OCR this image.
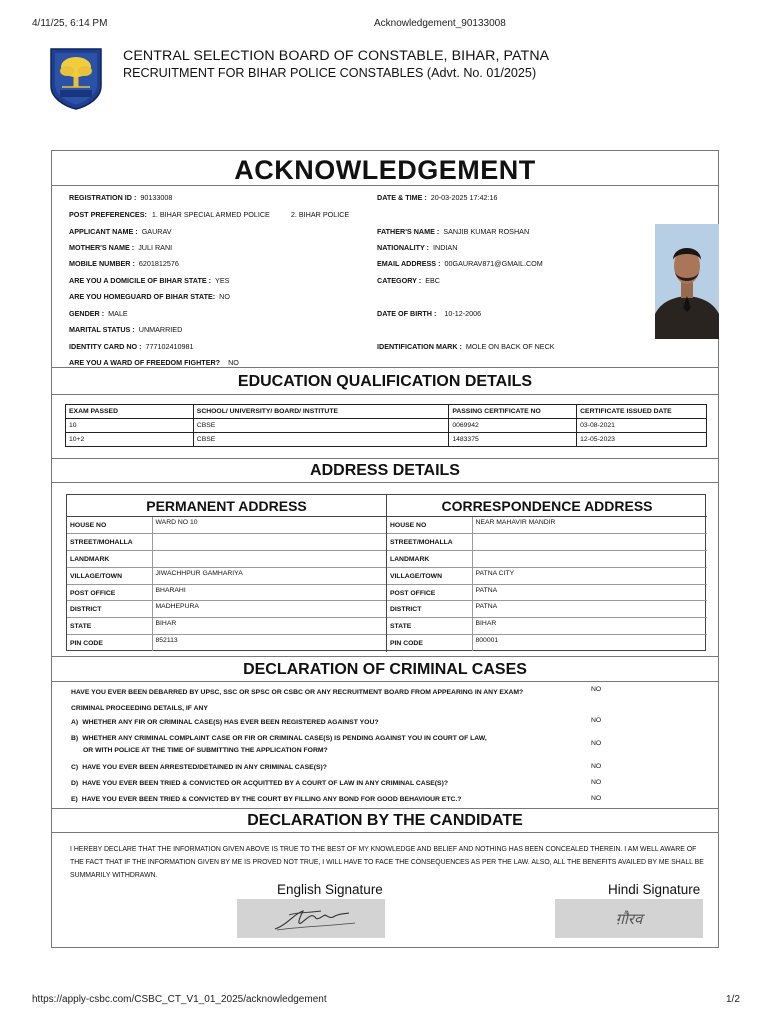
4/11/25, 6:14 PM	Acknowledgement_90133008
CENTRAL SELECTION BOARD OF CONSTABLE, BIHAR, PATNA
RECRUITMENT FOR BIHAR POLICE CONSTABLES (Advt. No. 01/2025)
ACKNOWLEDGEMENT
REGISTRATION ID : 90133008	DATE & TIME : 20-03-2025 17:42:16
POST PREFERENCES: 1. BIHAR SPECIAL ARMED POLICE	2. BIHAR POLICE
APPLICANT NAME : GAURAV	FATHER'S NAME : SANJIB KUMAR ROSHAN
MOTHER'S NAME : JULI RANI	NATIONALITY : INDIAN
MOBILE NUMBER : 6201812576	EMAIL ADDRESS : 00GAURAV871@GMAIL.COM
ARE YOU A DOMICILE OF BIHAR STATE : YES	CATEGORY : EBC
ARE YOU HOMEGUARD OF BIHAR STATE: NO
GENDER : MALE	DATE OF BIRTH : 10-12-2006
MARITAL STATUS : UNMARRIED
IDENTITY CARD NO : 777102410981	IDENTIFICATION MARK : MOLE ON BACK OF NECK
ARE YOU A WARD OF FREEDOM FIGHTER? NO
EDUCATION QUALIFICATION DETAILS
EXAM PASSED	SCHOOL/ UNIVERSITY/ BOARD/ INSTITUTE	PASSING CERTIFICATE NO	CERTIFICATE ISSUED DATE
10	CBSE	0069942	03-08-2021
10+2	CBSE	1483375	12-05-2023
ADDRESS DETAILS
PERMANENT ADDRESS
HOUSE NO	WARD NO 10
STREET/MOHALLA	
LANDMARK	
VILLAGE/TOWN	JIWACHHPUR GAMHARIYA
POST OFFICE	BHARAHI
DISTRICT	MADHEPURA
STATE	BIHAR
PIN CODE	852113
CORRESPONDENCE ADDRESS
HOUSE NO	NEAR MAHAVIR MANDIR
STREET/MOHALLA	
LANDMARK	
VILLAGE/TOWN	PATNA CITY
POST OFFICE	PATNA
DISTRICT	PATNA
STATE	BIHAR
PIN CODE	800001
DECLARATION OF CRIMINAL CASES
HAVE YOU EVER BEEN DEBARRED BY UPSC, SSC OR SPSC OR CSBC OR ANY RECRUITMENT BOARD FROM APPEARING IN ANY EXAM?	NO
CRIMINAL PROCEEDING DETAILS, IF ANY
A) WHETHER ANY FIR OR CRIMINAL CASE(S) HAS EVER BEEN REGISTERED AGAINST YOU?	NO
B) WHETHER ANY CRIMINAL COMPLAINT CASE OR FIR OR CRIMINAL CASE(S) IS PENDING AGAINST YOU IN COURT OF LAW,
OR WITH POLICE AT THE TIME OF SUBMITTING THE APPLICATION FORM?
NO
C) HAVE YOU EVER BEEN ARRESTED/DETAINED IN ANY CRIMINAL CASE(S)?	NO
D) HAVE YOU EVER BEEN TRIED & CONVICTED OR ACQUITTED BY A COURT OF LAW IN ANY CRIMINAL CASE(S)?	NO
E) HAVE YOU EVER BEEN TRIED & CONVICTED BY THE COURT BY FILLING ANY BOND FOR GOOD BEHAVIOUR ETC.?	NO
DECLARATION BY THE CANDIDATE
I HEREBY DECLARE THAT THE INFORMATION GIVEN ABOVE IS TRUE TO THE BEST OF MY KNOWLEDGE AND BELIEF AND NOTHING HAS BEEN CONCEALED THEREIN. I AM WELL AWARE OF THE FACT THAT IF THE INFORMATION GIVEN BY ME IS PROVED NOT TRUE, I WILL HAVE TO FACE THE CONSEQUENCES AS PER THE LAW. ALSO, ALL THE BENEFITS AVAILED BY ME SHALL BE SUMMARILY WITHDRAWN.
English Signature	Hindi Signature
ग़ौरव
https://apply-csbc.com/CSBC_CT_V1_01_2025/acknowledgement	1/2
